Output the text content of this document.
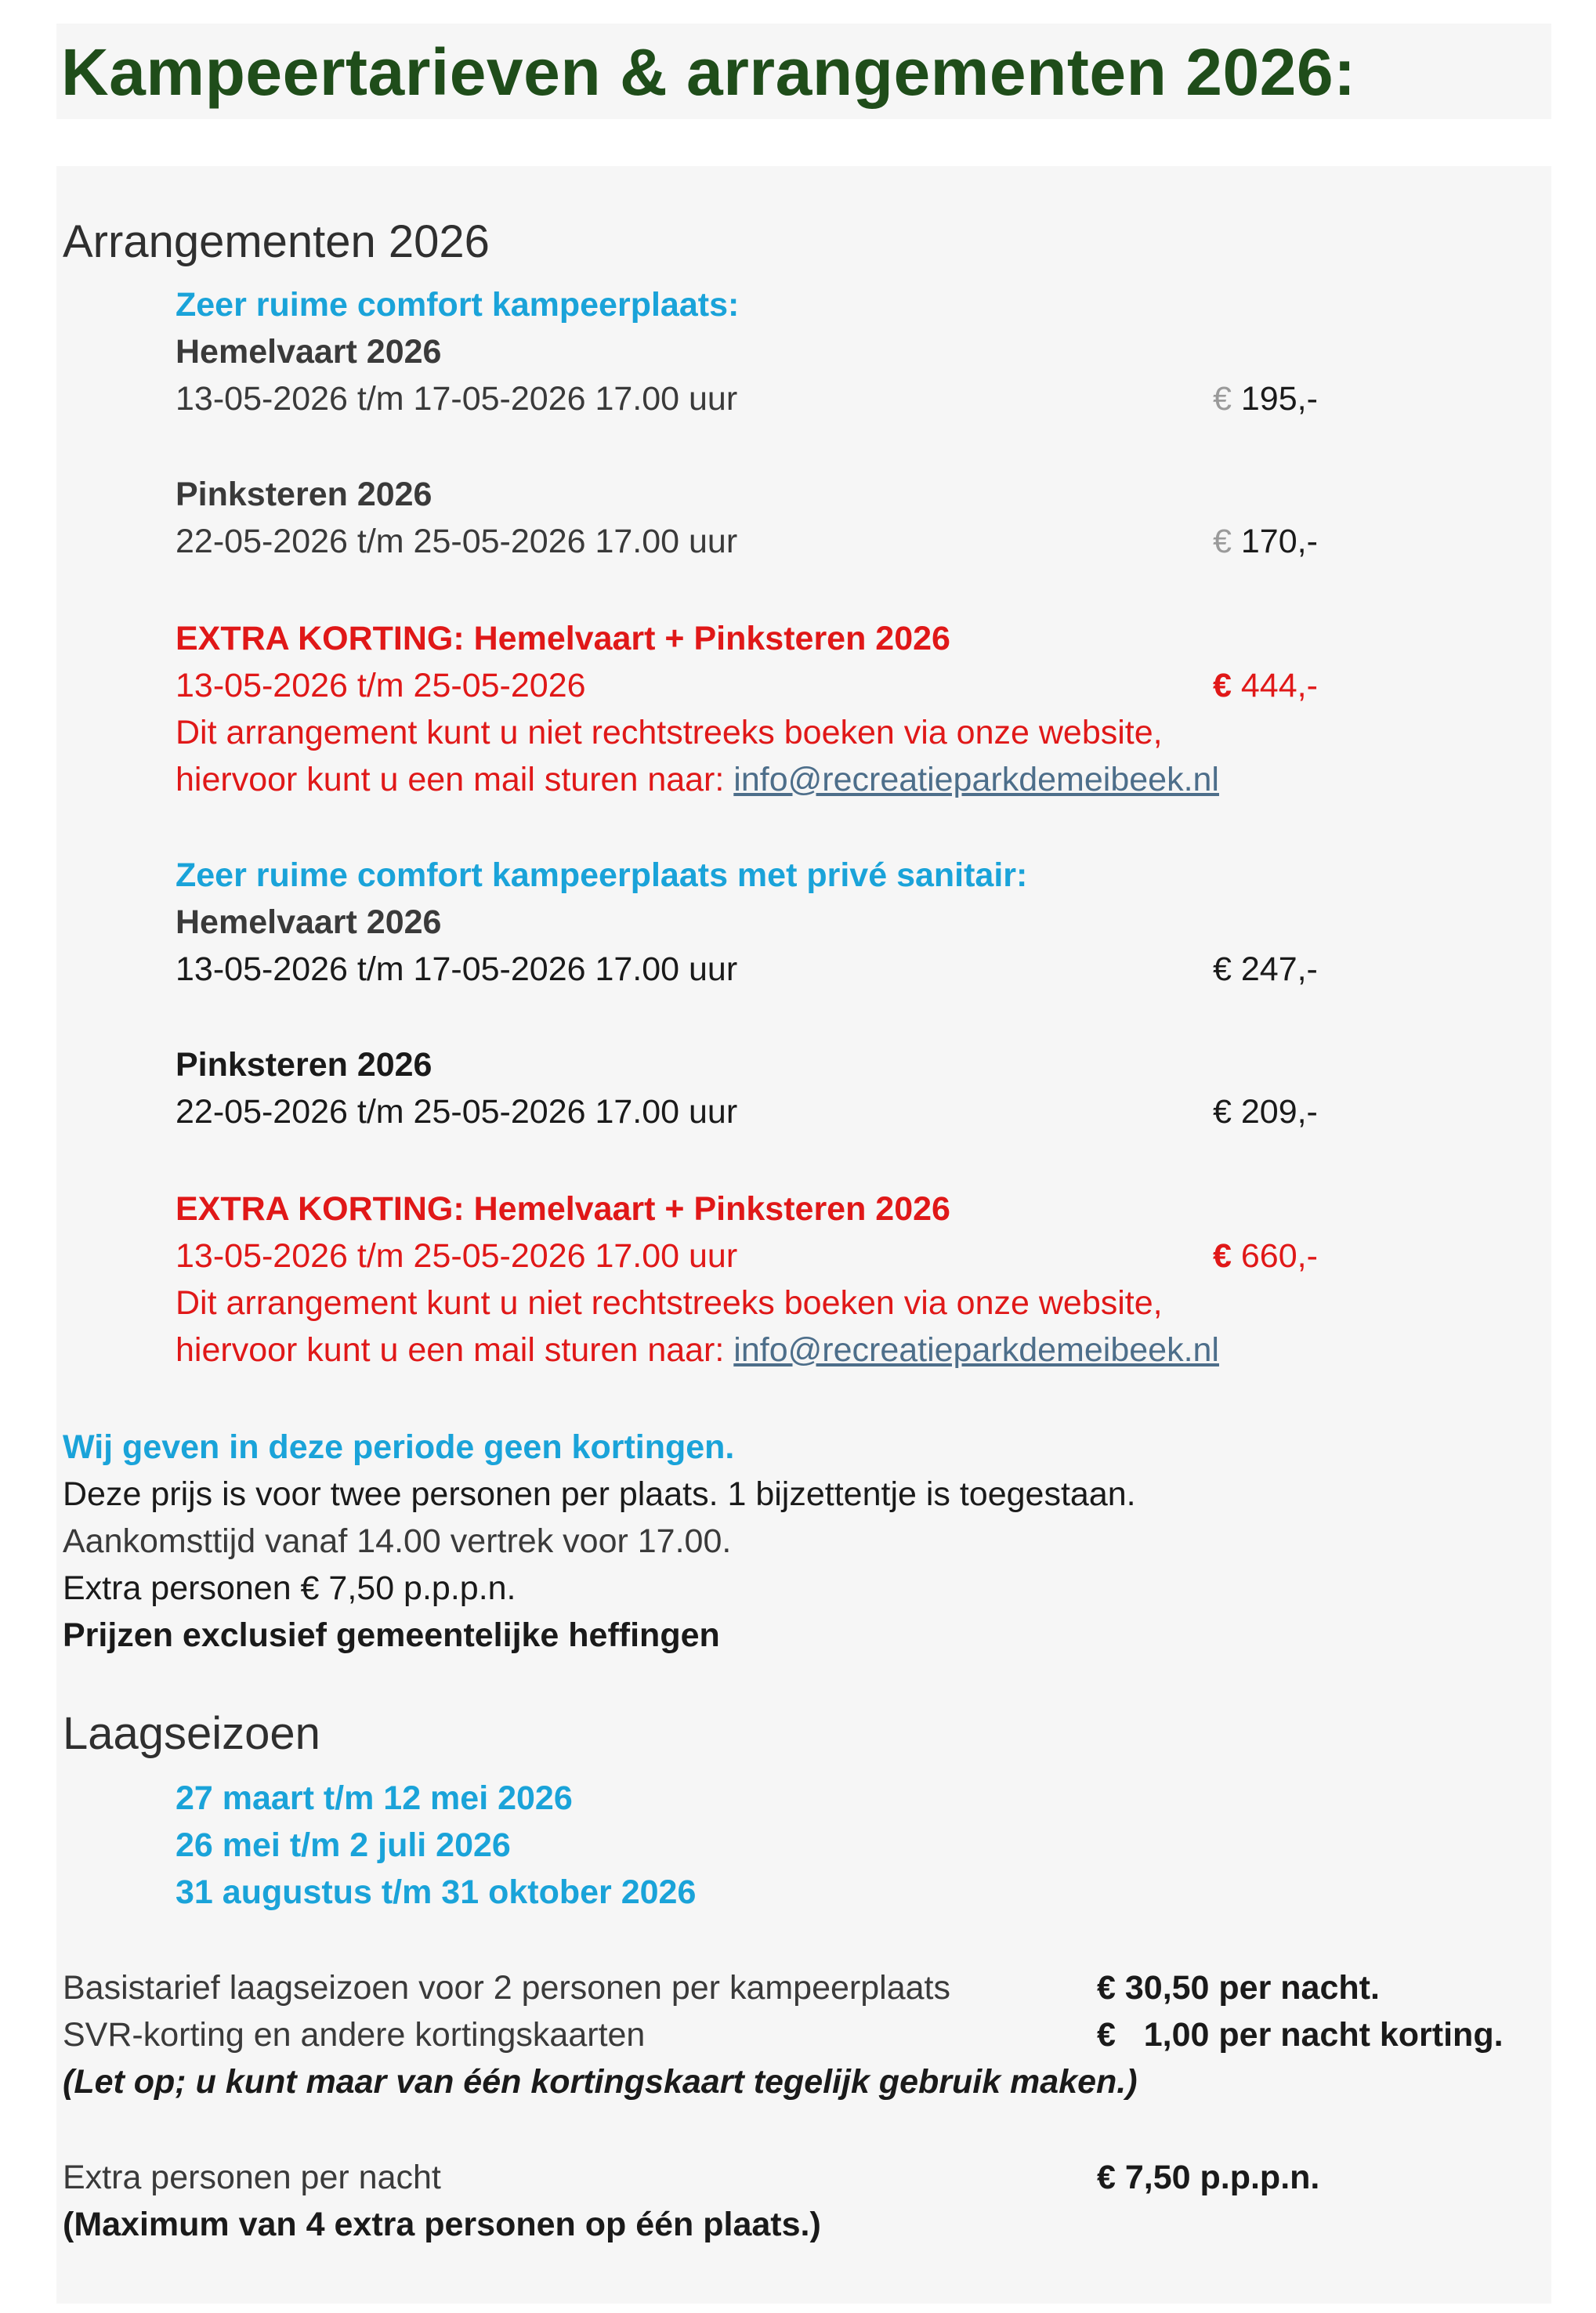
Kampeertarieven & arrangementen 2026:
Arrangementen 2026
Zeer ruime comfort kampeerplaats:
Hemelvaart 2026
13-05-2026 t/m 17-05-2026 17.00 uur	€ 195,-
Pinksteren 2026
22-05-2026 t/m 25-05-2026 17.00 uur	€ 170,-
EXTRA KORTING: Hemelvaart + Pinksteren 2026
13-05-2026 t/m 25-05-2026	€ 444,-
Dit arrangement kunt u niet rechtstreeks boeken via onze website,
hiervoor kunt u een mail sturen naar: info@recreatieparkdemeibeek.nl
Zeer ruime comfort kampeerplaats met privé sanitair:
Hemelvaart 2026
13-05-2026 t/m 17-05-2026 17.00 uur	€ 247,-
Pinksteren 2026
22-05-2026 t/m 25-05-2026 17.00 uur	€ 209,-
EXTRA KORTING: Hemelvaart + Pinksteren 2026
13-05-2026 t/m 25-05-2026 17.00 uur	€ 660,-
Dit arrangement kunt u niet rechtstreeks boeken via onze website,
hiervoor kunt u een mail sturen naar: info@recreatieparkdemeibeek.nl
Wij geven in deze periode geen kortingen.
Deze prijs is voor twee personen per plaats. 1 bijzettentje is toegestaan.
Aankomsttijd vanaf 14.00 vertrek voor 17.00.
Extra personen € 7,50 p.p.p.n.
Prijzen exclusief gemeentelijke heffingen
Laagseizoen
27 maart t/m 12 mei 2026
26 mei t/m 2 juli 2026
31 augustus t/m 31 oktober 2026
Basistarief laagseizoen voor 2 personen per kampeerplaats	€ 30,50 per nacht.
SVR-korting en andere kortingskaarten	€   1,00 per nacht korting.
(Let op; u kunt maar van één kortingskaart tegelijk gebruik maken.)
Extra personen per nacht	€ 7,50 p.p.p.n.
(Maximum van 4 extra personen op één plaats.)
